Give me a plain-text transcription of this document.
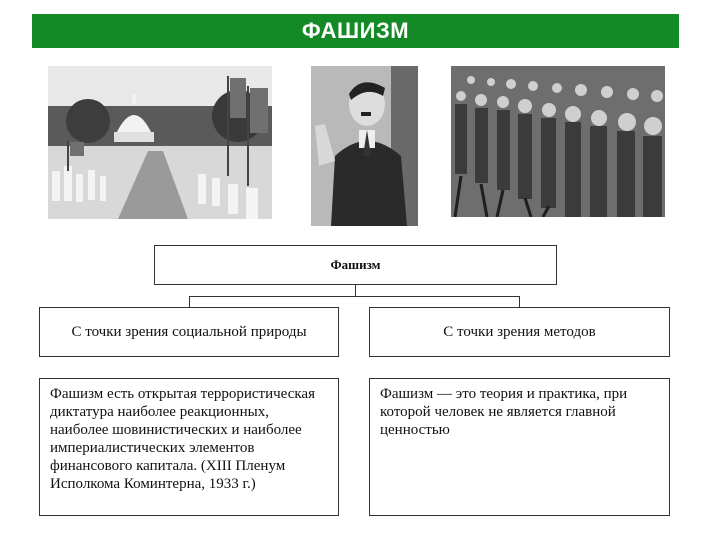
ФАШИЗМ
Фашизм
С точки зрения социальной природы	С точки зрения методов
Фашизм есть открытая террористическая диктатура наиболее реакционных, наиболее шовинистических и наиболее империалистических элементов финансового капитала. (XIII Пленум Исполкома Коминтерна, 1933 г.)
Фашизм — это теория и практика, при которой человек не является главной ценностью
